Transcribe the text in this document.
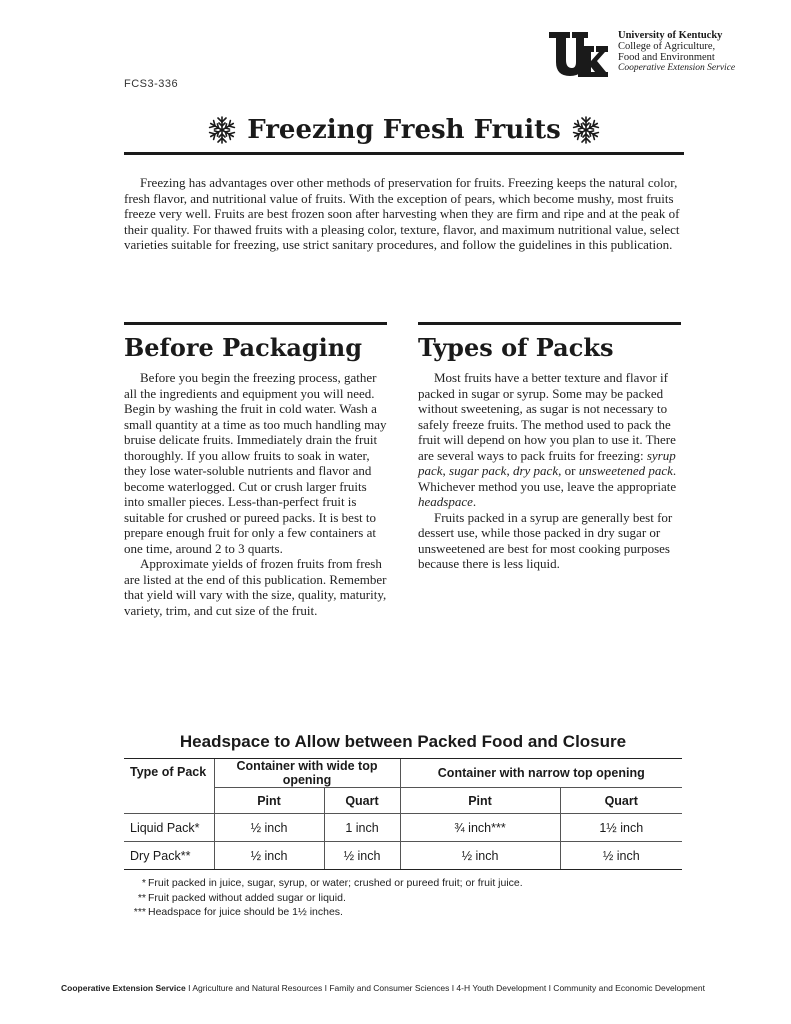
University of Kentucky
College of Agriculture,
Food and Environment
Cooperative Extension Service
FCS3-336
Freezing Fresh Fruits

Freezing has advantages over other methods of preservation for fruits. Freezing keeps the natural color, fresh flavor, and nutritional value of fruits. With the exception of pears, which become mushy, most fruits freeze very well. Fruits are best frozen soon after harvesting when they are firm and ripe and at the peak of their quality. For thawed fruits with a pleasing color, texture, flavor, and maximum nutritional value, select varieties suitable for freezing, use strict sanitary procedures, and follow the guidelines in this publication.

Before Packaging

Before you begin the freezing process, gather all the ingredients and equipment you will need. Begin by washing the fruit in cold water. Wash a small quantity at a time as too much handling may bruise delicate fruits. Immediately drain the fruit thoroughly. If you allow fruits to soak in water, they lose water-soluble nutrients and flavor and become waterlogged. Cut or crush larger fruits into smaller pieces. Less-than-perfect fruit is suitable for crushed or pureed packs. It is best to prepare enough fruit for only a few containers at one time, around 2 to 3 quarts.

Approximate yields of frozen fruits from fresh are listed at the end of this publication. Remember that yield will vary with the size, quality, maturity, variety, trim, and cut size of the fruit.

Types of Packs

Most fruits have a better texture and flavor if packed in sugar or syrup. Some may be packed without sweetening, as sugar is not necessary to safely freeze fruits. The method used to pack the fruit will depend on how you plan to use it. There are several ways to pack fruits for freezing: syrup pack, sugar pack, dry pack, or unsweetened pack. Whichever method you use, leave the appropriate headspace.

Fruits packed in a syrup are generally best for dessert use, while those packed in dry sugar or unsweetened are best for most cooking purposes because there is less liquid.

Headspace to Allow between Packed Food and Closure
Type of Pack	Container with wide top opening		Container with narrow top opening	
	Pint	Quart	Pint	Quart
Liquid Pack*	½ inch	1 inch	¾ inch***	1½ inch
Dry Pack**	½ inch	½ inch	½ inch	½ inch
* Fruit packed in juice, sugar, syrup, or water; crushed or pureed fruit; or fruit juice.
** Fruit packed without added sugar or liquid.
*** Headspace for juice should be 1½ inches.
Cooperative Extension Service I Agriculture and Natural Resources I Family and Consumer Sciences I 4-H Youth Development I Community and Economic Development
